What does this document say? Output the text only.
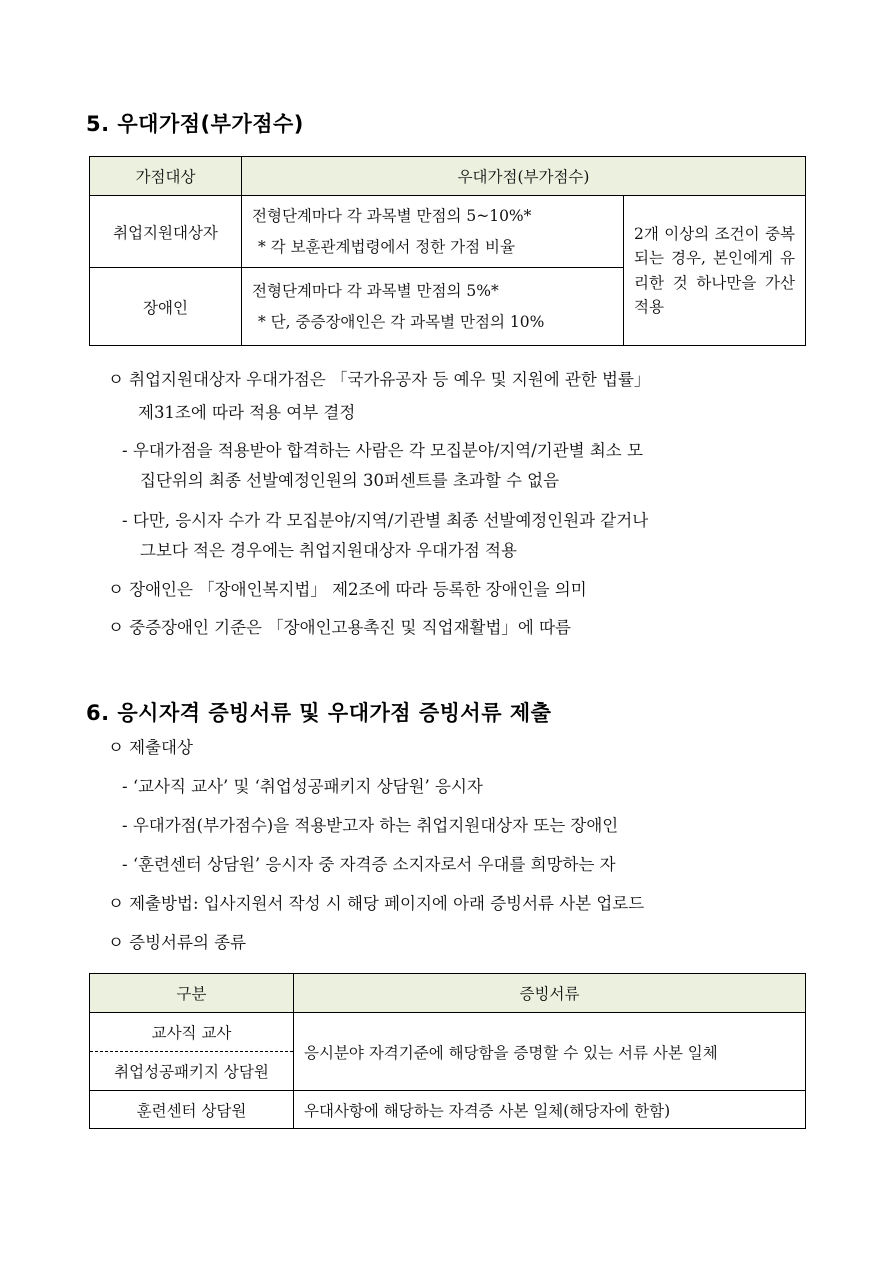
5. 우대가점(부가점수)
가점대상	우대가점(부가점수)	
취업지원대상자	전형단계마다 각 과목별 만점의 5~10%*
* 각 보훈관계법령에서 정한 가점 비율	2개 이상의 조건이 중복되는 경우, 본인에게 유리한 것 하나만을 가산 적용
장애인	전형단계마다 각 과목별 만점의 5%*
* 단, 중증장애인은 각 과목별 만점의 10%	
ㅇ 취업지원대상자 우대가점은 「국가유공자 등 예우 및 지원에 관한 법률」
제31조에 따라 적용 여부 결정
- 우대가점을 적용받아 합격하는 사람은 각 모집분야/지역/기관별 최소 모
집단위의 최종 선발예정인원의 30퍼센트를 초과할 수 없음
- 다만, 응시자 수가 각 모집분야/지역/기관별 최종 선발예정인원과 같거나
그보다 적은 경우에는 취업지원대상자 우대가점 적용
ㅇ 장애인은 「장애인복지법」 제2조에 따라 등록한 장애인을 의미
ㅇ 중증장애인 기준은 「장애인고용촉진 및 직업재활법」에 따름
6. 응시자격 증빙서류 및 우대가점 증빙서류 제출
ㅇ 제출대상
- ‘교사직 교사’ 및 ‘취업성공패키지 상담원’ 응시자
- 우대가점(부가점수)을 적용받고자 하는 취업지원대상자 또는 장애인
- ‘훈련센터 상담원’ 응시자 중 자격증 소지자로서 우대를 희망하는 자
ㅇ 제출방법: 입사지원서 작성 시 해당 페이지에 아래 증빙서류 사본 업로드
ㅇ 증빙서류의 종류
구분	증빙서류
교사직 교사	응시분야 자격기준에 해당함을 증명할 수 있는 서류 사본 일체
취업성공패키지 상담원	
훈련센터 상담원	우대사항에 해당하는 자격증 사본 일체(해당자에 한함)
